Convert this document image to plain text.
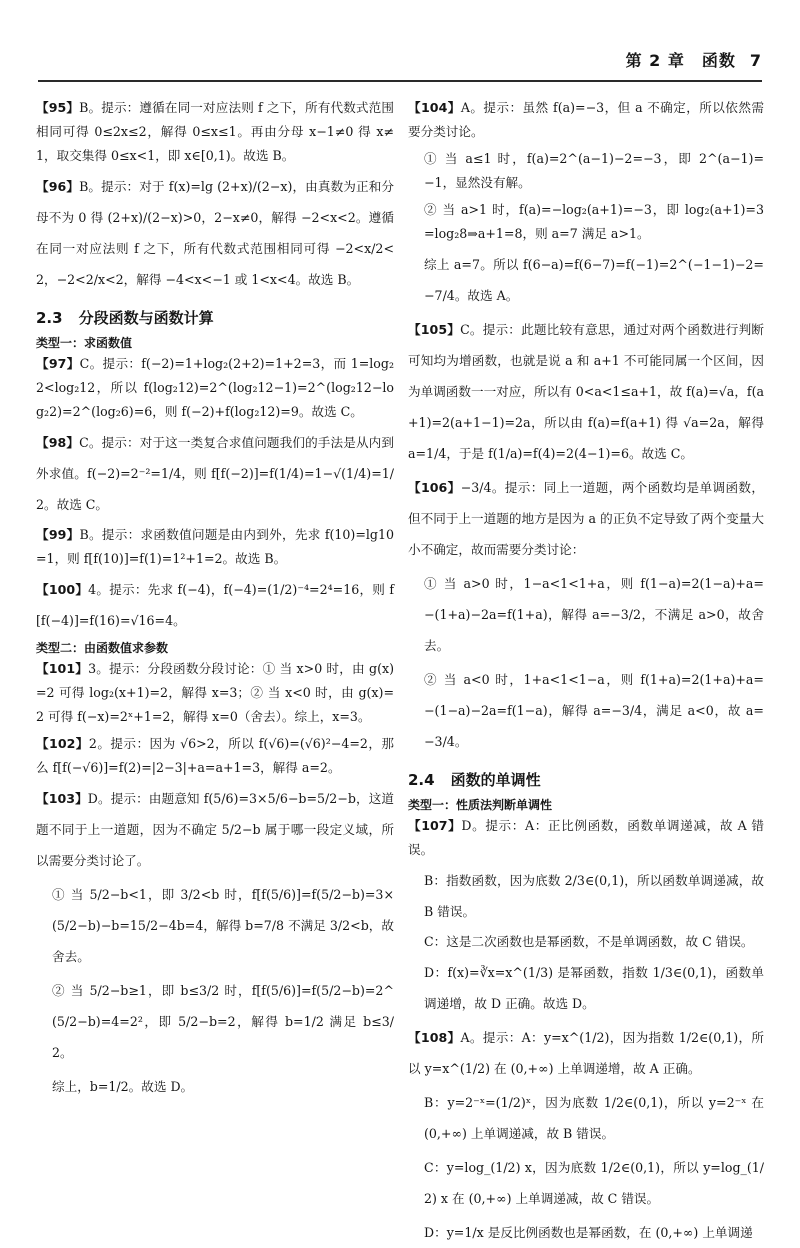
第 2 章　函数 7

【95】B。提示：遵循在同一对应法则 f 之下，所有代数式范围相同可得 0≤2x≤2，解得 0≤x≤1。再由分母 x−1≠0 得 x≠1，取交集得 0≤x<1，即 x∈[0,1)。故选 B。

【96】B。提示：对于 f(x)=lg (2+x)/(2−x)，由真数为正和分母不为 0 得 (2+x)/(2−x)>0，2−x≠0，解得 −2<x<2。遵循在同一对应法则 f 之下，所有代数式范围相同可得 −2<x/2<2，−2<2/x<2，解得 −4<x<−1 或 1<x<4。故选 B。

2.3 分段函数与函数计算
类型一：求函数值

【97】C。提示：f(−2)=1+log₂(2+2)=1+2=3，而 1=log₂2<log₂12，所以 f(log₂12)=2^(log₂12−1)=2^(log₂12−log₂2)=2^(log₂6)=6，则 f(−2)+f(log₂12)=9。故选 C。

【98】C。提示：对于这一类复合求值问题我们的手法是从内到外求值。f(−2)=2⁻²=1/4，则 f[f(−2)]=f(1/4)=1−√(1/4)=1/2。故选 C。

【99】B。提示：求函数值问题是由内到外，先求 f(10)=lg10=1，则 f[f(10)]=f(1)=1²+1=2。故选 B。

【100】4。提示：先求 f(−4)，f(−4)=(1/2)⁻⁴=2⁴=16，则 f[f(−4)]=f(16)=√16=4。

类型二：由函数值求参数

【101】3。提示：分段函数分段讨论：① 当 x>0 时，由 g(x)=2 可得 log₂(x+1)=2，解得 x=3；② 当 x<0 时，由 g(x)=2 可得 f(−x)=2ˣ+1=2，解得 x=0（舍去）。综上，x=3。

【102】2。提示：因为 √6>2，所以 f(√6)=(√6)²−4=2，那么 f[f(−√6)]=f(2)=|2−3|+a=a+1=3，解得 a=2。

【103】D。提示：由题意知 f(5/6)=3×5/6−b=5/2−b，这道题不同于上一道题，因为不确定 5/2−b 属于哪一段定义域，所以需要分类讨论了。

① 当 5/2−b<1，即 3/2<b 时，f[f(5/6)]=f(5/2−b)=3×(5/2−b)−b=15/2−4b=4，解得 b=7/8 不满足 3/2<b，故舍去。

② 当 5/2−b≥1，即 b≤3/2 时，f[f(5/6)]=f(5/2−b)=2^(5/2−b)=4=2²，即 5/2−b=2，解得 b=1/2 满足 b≤3/2。

综上，b=1/2。故选 D。

【104】A。提示：虽然 f(a)=−3，但 a 不确定，所以依然需要分类讨论。

① 当 a≤1 时，f(a)=2^(a−1)−2=−3，即 2^(a−1)=−1，显然没有解。

② 当 a>1 时，f(a)=−log₂(a+1)=−3，即 log₂(a+1)=3=log₂8⇒a+1=8，则 a=7 满足 a>1。

综上 a=7。所以 f(6−a)=f(6−7)=f(−1)=2^(−1−1)−2=−7/4。故选 A。

【105】C。提示：此题比较有意思，通过对两个函数进行判断可知均为增函数，也就是说 a 和 a+1 不可能同属一个区间，因为单调函数一一对应，所以有 0<a<1≤a+1，故 f(a)=√a，f(a+1)=2(a+1−1)=2a，所以由 f(a)=f(a+1) 得 √a=2a，解得 a=1/4，于是 f(1/a)=f(4)=2(4−1)=6。故选 C。

【106】−3/4。提示：同上一道题，两个函数均是单调函数，但不同于上一道题的地方是因为 a 的正负不定导致了两个变量大小不确定，故而需要分类讨论：

① 当 a>0 时，1−a<1<1+a，则 f(1−a)=2(1−a)+a=−(1+a)−2a=f(1+a)，解得 a=−3/2，不满足 a>0，故舍去。

② 当 a<0 时，1+a<1<1−a，则 f(1+a)=2(1+a)+a=−(1−a)−2a=f(1−a)，解得 a=−3/4，满足 a<0，故 a=−3/4。

2.4 函数的单调性
类型一：性质法判断单调性

【107】D。提示：A：正比例函数，函数单调递减，故 A 错误。

B：指数函数，因为底数 2/3∈(0,1)，所以函数单调递减，故 B 错误。

C：这是二次函数也是幂函数，不是单调函数，故 C 错误。

D：f(x)=∛x=x^(1/3) 是幂函数，指数 1/3∈(0,1)，函数单调递增，故 D 正确。故选 D。

【108】A。提示：A：y=x^(1/2)，因为指数 1/2∈(0,1)，所以 y=x^(1/2) 在 (0,+∞) 上单调递增，故 A 正确。

B：y=2⁻ˣ=(1/2)ˣ，因为底数 1/2∈(0,1)，所以 y=2⁻ˣ 在 (0,+∞) 上单调递减，故 B 错误。

C：y=log_(1/2) x，因为底数 1/2∈(0,1)，所以 y=log_(1/2) x 在 (0,+∞) 上单调递减，故 C 错误。

D：y=1/x 是反比例函数也是幂函数，在 (0,+∞) 上单调递
